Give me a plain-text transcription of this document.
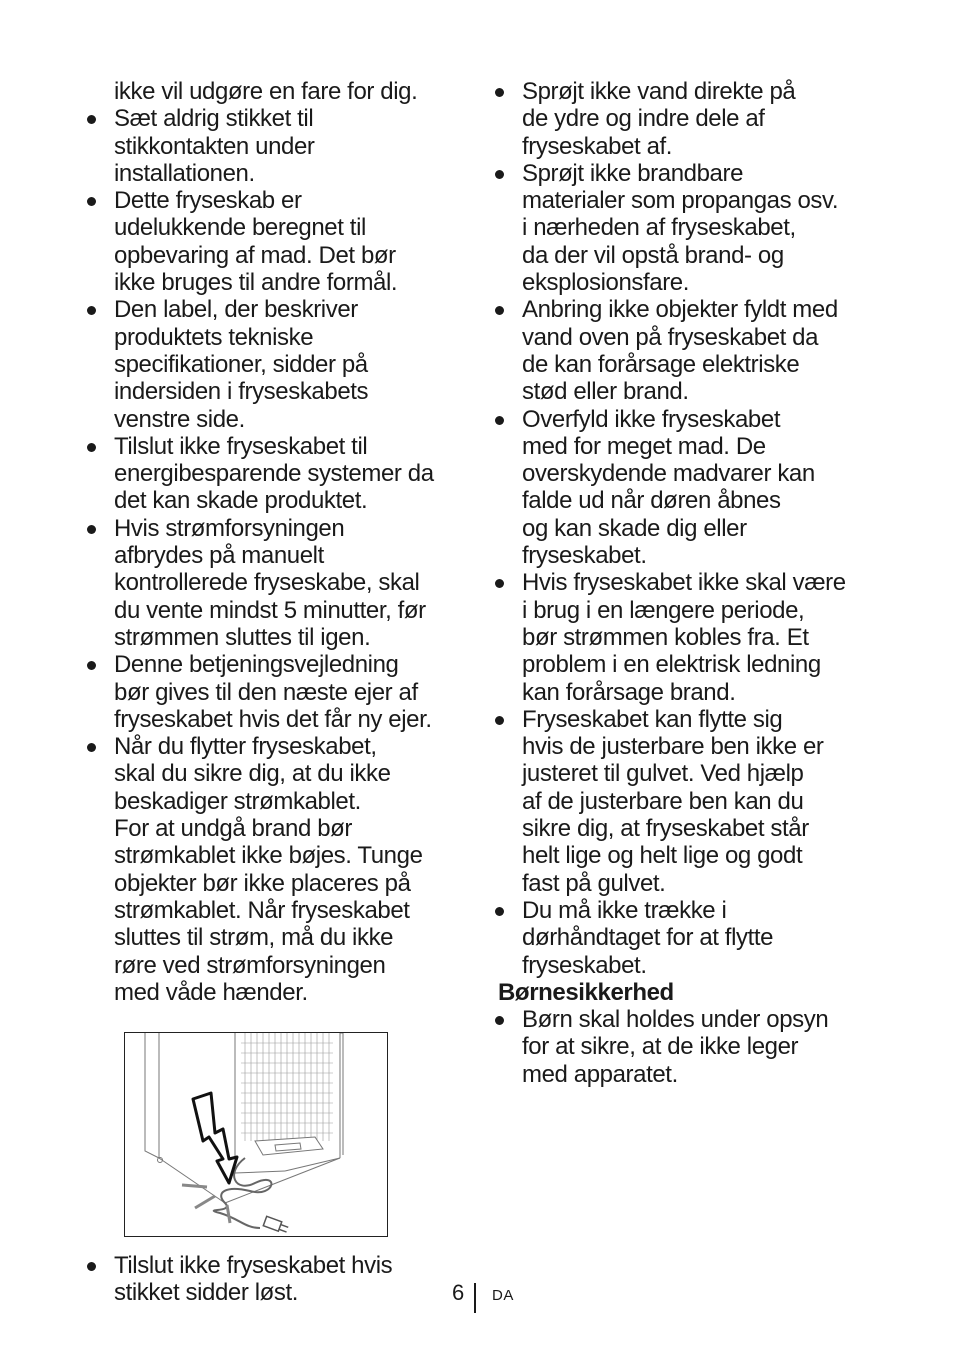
ikke vil udgøre en fare for dig.
Sæt aldrig stikket til
stikkontakten under
installationen.
Dette fryseskab er
udelukkende beregnet til
opbevaring af mad. Det bør
ikke bruges til andre formål.
Den label, der beskriver
produktets tekniske
specifikationer, sidder på
indersiden i fryseskabets
venstre side.
Tilslut ikke fryseskabet til
energibesparende systemer da
det kan skade produktet.
Hvis strømforsyningen
afbrydes på manuelt
kontrollerede fryseskabe, skal
du vente mindst 5 minutter, før
strømmen sluttes til igen.
Denne betjeningsvejledning
bør gives til den næste ejer af
fryseskabet hvis det får ny ejer.
Når du flytter fryseskabet,
skal du sikre dig, at du ikke
beskadiger strømkablet.
For at undgå brand bør
strømkablet ikke bøjes. Tunge
objekter bør ikke placeres på
strømkablet. Når fryseskabet
sluttes til strøm, må du ikke
røre ved strømforsyningen
med våde hænder.
Tilslut ikke fryseskabet hvis
stikket sidder løst.
Sprøjt ikke vand direkte på
de ydre og indre dele af
fryseskabet af.
Sprøjt ikke brandbare
materialer som propangas osv.
i nærheden af fryseskabet,
da der vil opstå brand- og
eksplosionsfare.
Anbring ikke objekter fyldt med
vand oven på fryseskabet da
de kan forårsage elektriske
stød eller brand.
Overfyld ikke fryseskabet
med for meget mad. De
overskydende madvarer kan
falde ud når døren åbnes
og kan skade dig eller
fryseskabet.
Hvis fryseskabet ikke skal være
i brug i en længere periode,
bør strømmen kobles fra. Et
problem i en elektrisk ledning
kan forårsage brand.
Fryseskabet kan flytte sig
hvis de justerbare ben ikke er
justeret til gulvet. Ved hjælp
af de justerbare ben kan du
sikre dig, at fryseskabet står
helt lige og helt lige og godt
fast på gulvet.
Du må ikke trække i
dørhåndtaget for at flytte
fryseskabet.
Børnesikkerhed
Børn skal holdes under opsyn
for at sikre, at de ikke leger
med apparatet.
6 DA
